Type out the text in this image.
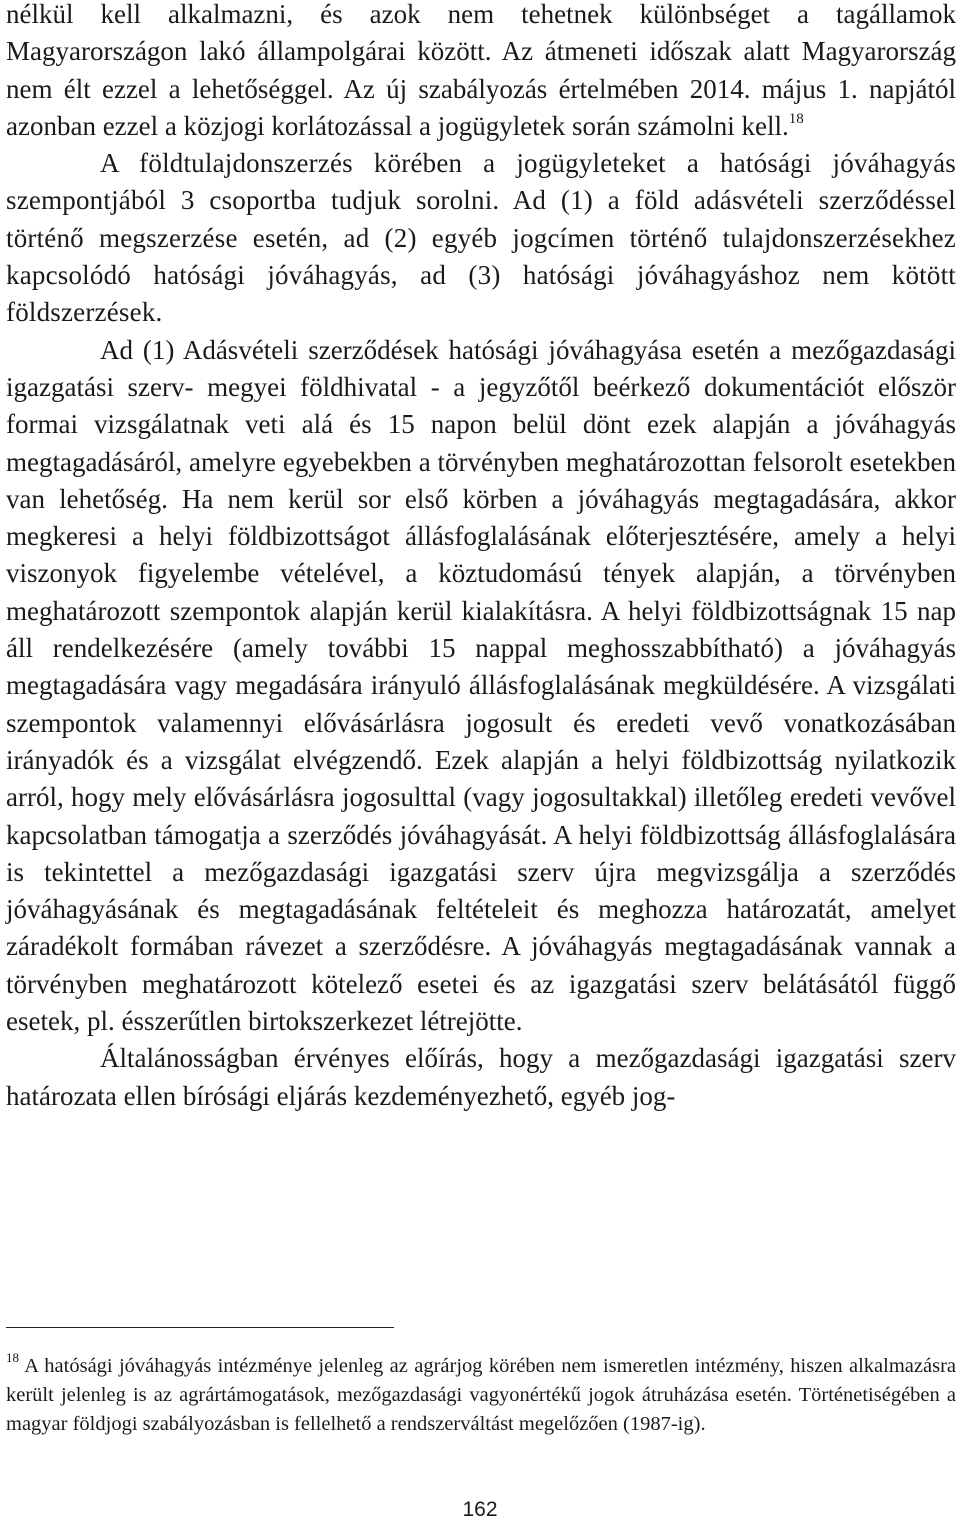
nélkül kell alkalmazni, és azok nem tehetnek különbséget a tagállamok Magyarországon lakó állampolgárai között. Az átmeneti időszak alatt Magyarország nem élt ezzel a lehetőséggel. Az új szabályozás értelmében 2014. május 1. napjától azonban ezzel a közjogi korlátozással a jogügyletek során számolni kell.$^{18}$

A földtulajdonszerzés körében a jogügyleteket a hatósági jóváhagyás szempontjából 3 csoportba tudjuk sorolni. Ad (1) a föld adásvételi szerződéssel történő megszerzése esetén, ad (2) egyéb jogcímen történő tulajdonszerzésekhez kapcsolódó hatósági jóváhagyás, ad (3) hatósági jóváhagyáshoz nem kötött földszerzések.

Ad (1) Adásvételi szerződések hatósági jóváhagyása esetén a mezőgazdasági igazgatási szerv- megyei földhivatal - a jegyzőtől beérkező dokumentációt először formai vizsgálatnak veti alá és 15 napon belül dönt ezek alapján a jóváhagyás megtagadásáról, amelyre egyebekben a törvényben meghatározottan felsorolt esetekben van lehetőség. Ha nem kerül sor első körben a jóváhagyás megtagadására, akkor megkeresi a helyi földbizottságot állásfoglalásának előterjesztésére, amely a helyi viszonyok figyelembe vételével, a köztudomású tények alapján, a törvényben meghatározott szempontok alapján kerül kialakításra. A helyi földbizottságnak 15 nap áll rendelkezésére (amely további 15 nappal meghosszabbítható) a jóváhagyás megtagadására vagy megadására irányuló állásfoglalásának megküldésére. A vizsgálati szempontok valamennyi elővásárlásra jogosult és eredeti vevő vonatkozásában irányadók és a vizsgálat elvégzendő. Ezek alapján a helyi földbizottság nyilatkozik arról, hogy mely elővásárlásra jogosulttal (vagy jogosultakkal) illetőleg eredeti vevővel kapcsolatban támogatja a szerződés jóváhagyását. A helyi földbizottság állásfoglalására is tekintettel a mezőgazdasági igazgatási szerv újra megvizsgálja a szerződés jóváhagyásának és megtagadásának feltételeit és meghozza határozatát, amelyet záradékolt formában rávezet a szerződésre. A jóváhagyás megtagadásának vannak a törvényben meghatározott kötelező esetei és az igazgatási szerv belátásától függő esetek, pl. ésszerűtlen birtokszerkezet létrejötte.

Általánosságban érvényes előírás, hogy a mezőgazdasági igazgatási szerv határozata ellen bírósági eljárás kezdeményezhető, egyéb jog-

$^{18}$ A hatósági jóváhagyás intézménye jelenleg az agrárjog körében nem ismeretlen intézmény, hiszen alkalmazásra került jelenleg is az agrártámogatások, mezőgazdasági vagyonértékű jogok átruházása esetén. Történetiségében a magyar földjogi szabályozásban is fellelhető a rendszerváltást megelőzően (1987-ig).
162
